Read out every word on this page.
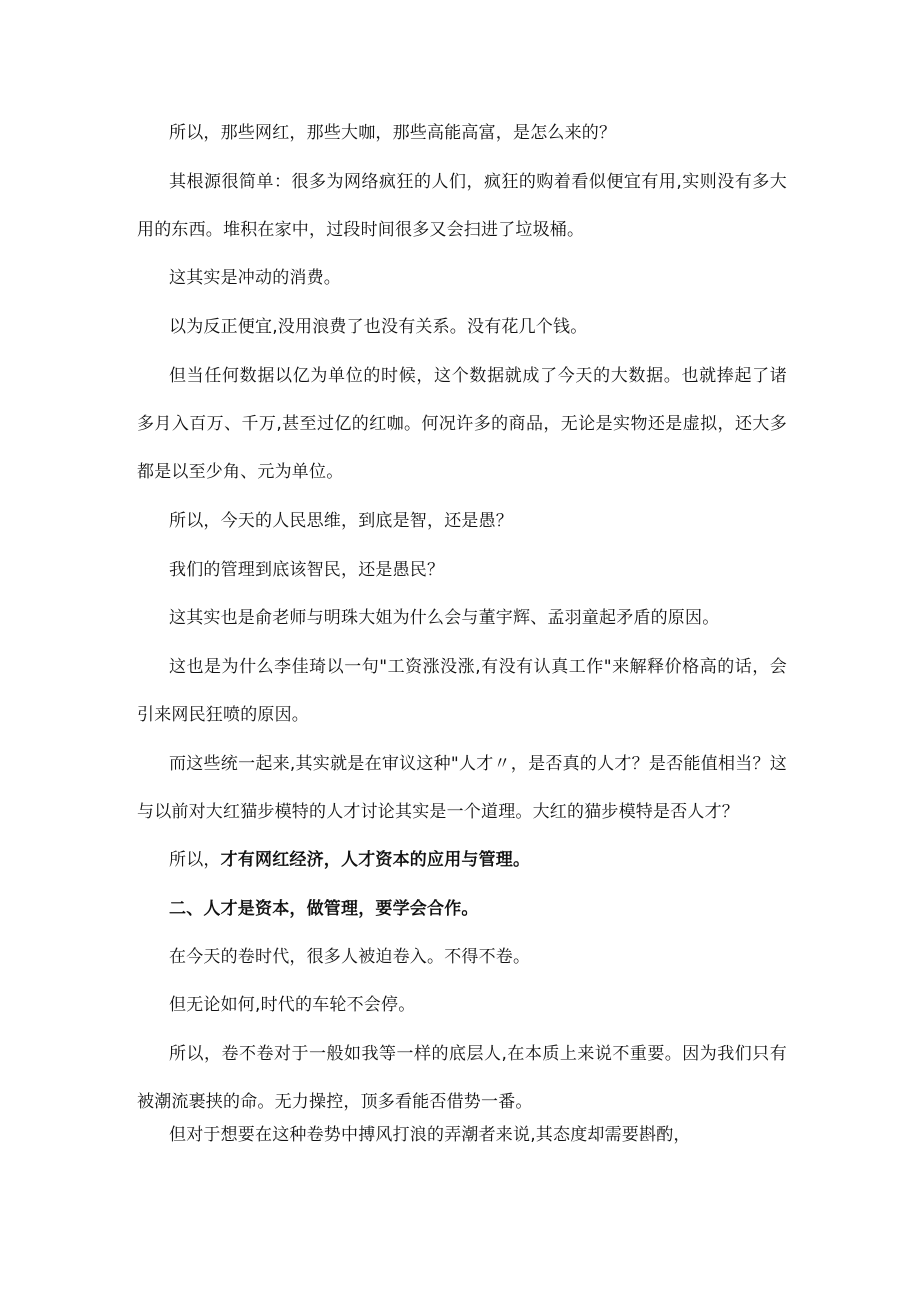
所以，那些网红，那些大咖，那些高能高富，是怎么来的？

其根源很简单：很多为网络疯狂的人们，疯狂的购着看似便宜有用,实则没有多大用的东西。堆积在家中，过段时间很多又会扫进了垃圾桶。

这其实是冲动的消费。

以为反正便宜,没用浪费了也没有关系。没有花几个钱。

但当任何数据以亿为单位的时候，这个数据就成了今天的大数据。也就捧起了诸多月入百万、千万,甚至过亿的红咖。何况许多的商品，无论是实物还是虚拟，还大多都是以至少角、元为单位。

所以，今天的人民思维，到底是智，还是愚？

我们的管理到底该智民，还是愚民？

这其实也是俞老师与明珠大姐为什么会与董宇辉、孟羽童起矛盾的原因。

这也是为什么李佳琦以一句"工资涨没涨,有没有认真工作"来解释价格高的话，会引来网民狂喷的原因。

而这些统一起来,其实就是在审议这种"人才〃，是否真的人才？是否能值相当？这与以前对大红猫步模特的人才讨论其实是一个道理。大红的猫步模特是否人才？

所以，才有网红经济，人才资本的应用与管理。

二、人才是资本，做管理，要学会合作。

在今天的卷时代，很多人被迫卷入。不得不卷。

但无论如何,时代的车轮不会停。

所以，卷不卷对于一般如我等一样的底层人,在本质上来说不重要。因为我们只有被潮流裹挟的命。无力操控，顶多看能否借势一番。

但对于想要在这种卷势中搏风打浪的弄潮者来说,其态度却需要斟酌，
